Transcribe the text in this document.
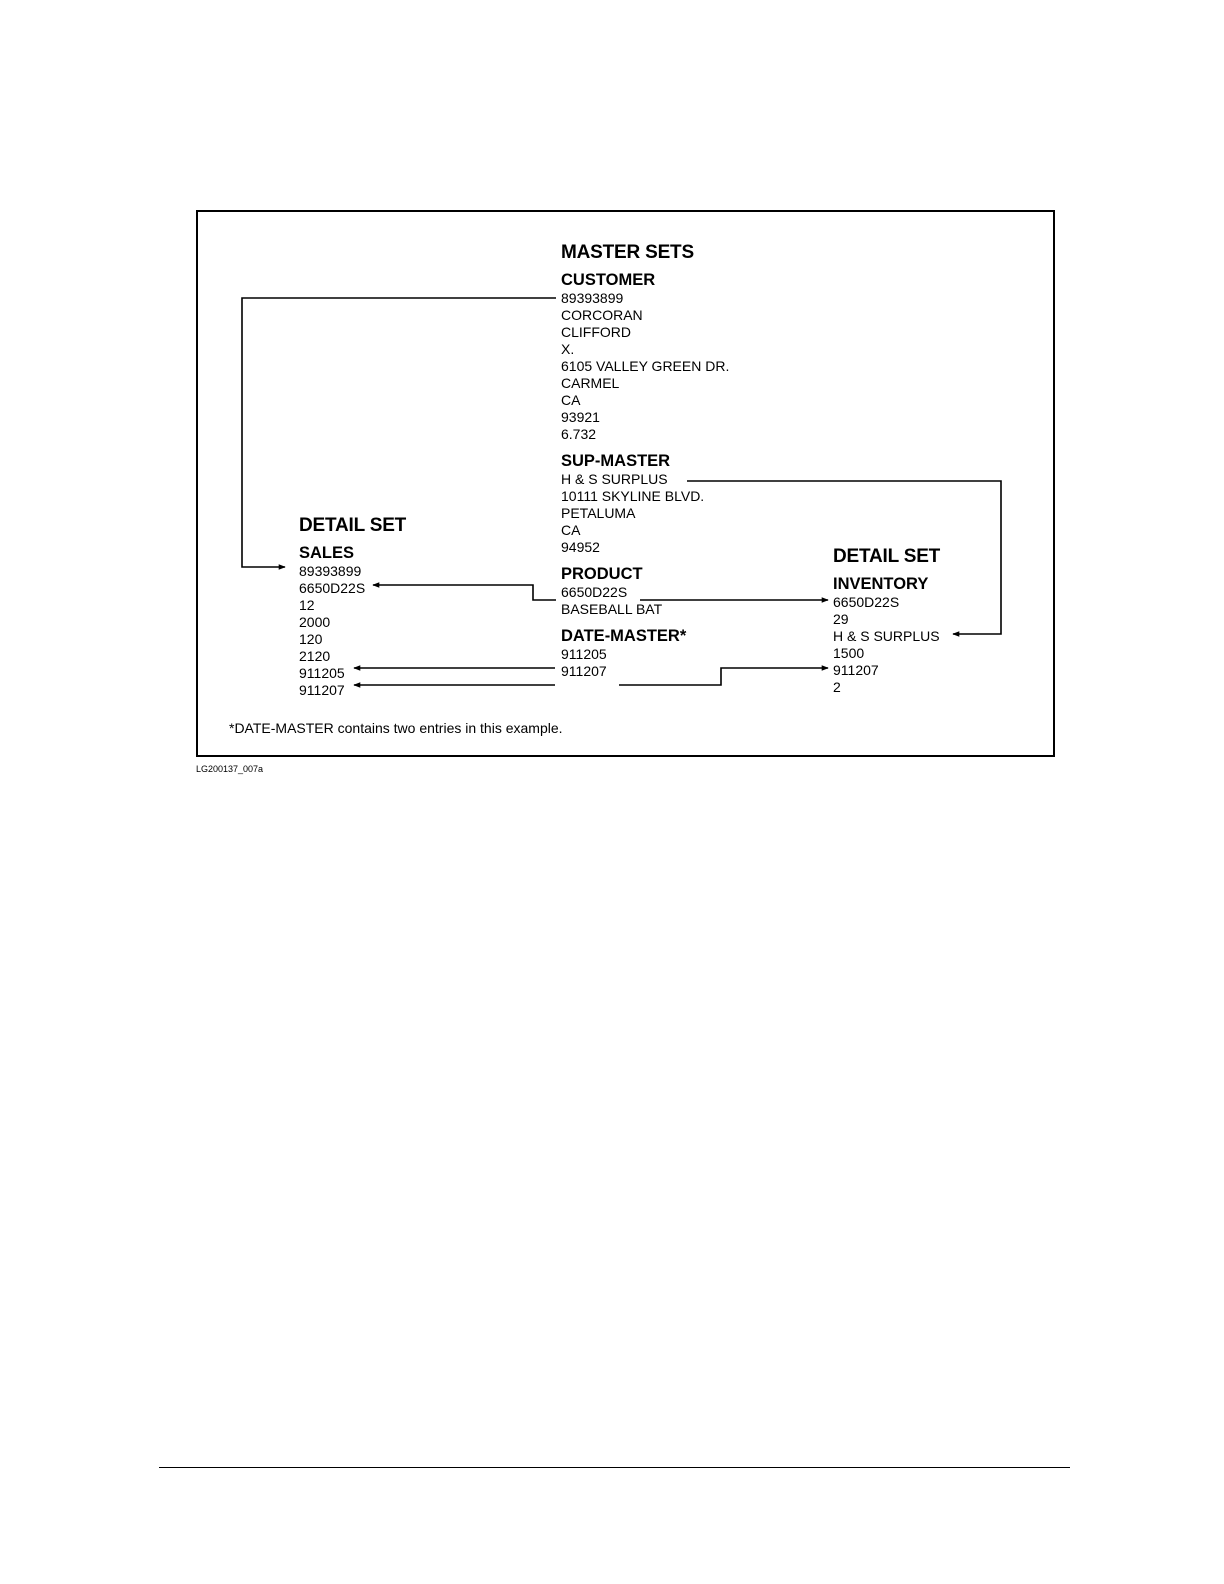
MASTER SETS
CUSTOMER
89393899
CORCORAN
CLIFFORD
X.
6105 VALLEY GREEN DR.
CARMEL
CA
93921
6.732
SUP-MASTER
H & S SURPLUS
10111 SKYLINE BLVD.
PETALUMA
CA
94952
PRODUCT
6650D22S
BASEBALL BAT
DATE-MASTER*
911205
911207
DETAIL SET
SALES
89393899
6650D22S
12
2000
120
2120
911205
911207
DETAIL SET
INVENTORY
6650D22S
29
H & S SURPLUS
1500
911207
2
*DATE-MASTER contains two entries in this example.
LG200137_007a
